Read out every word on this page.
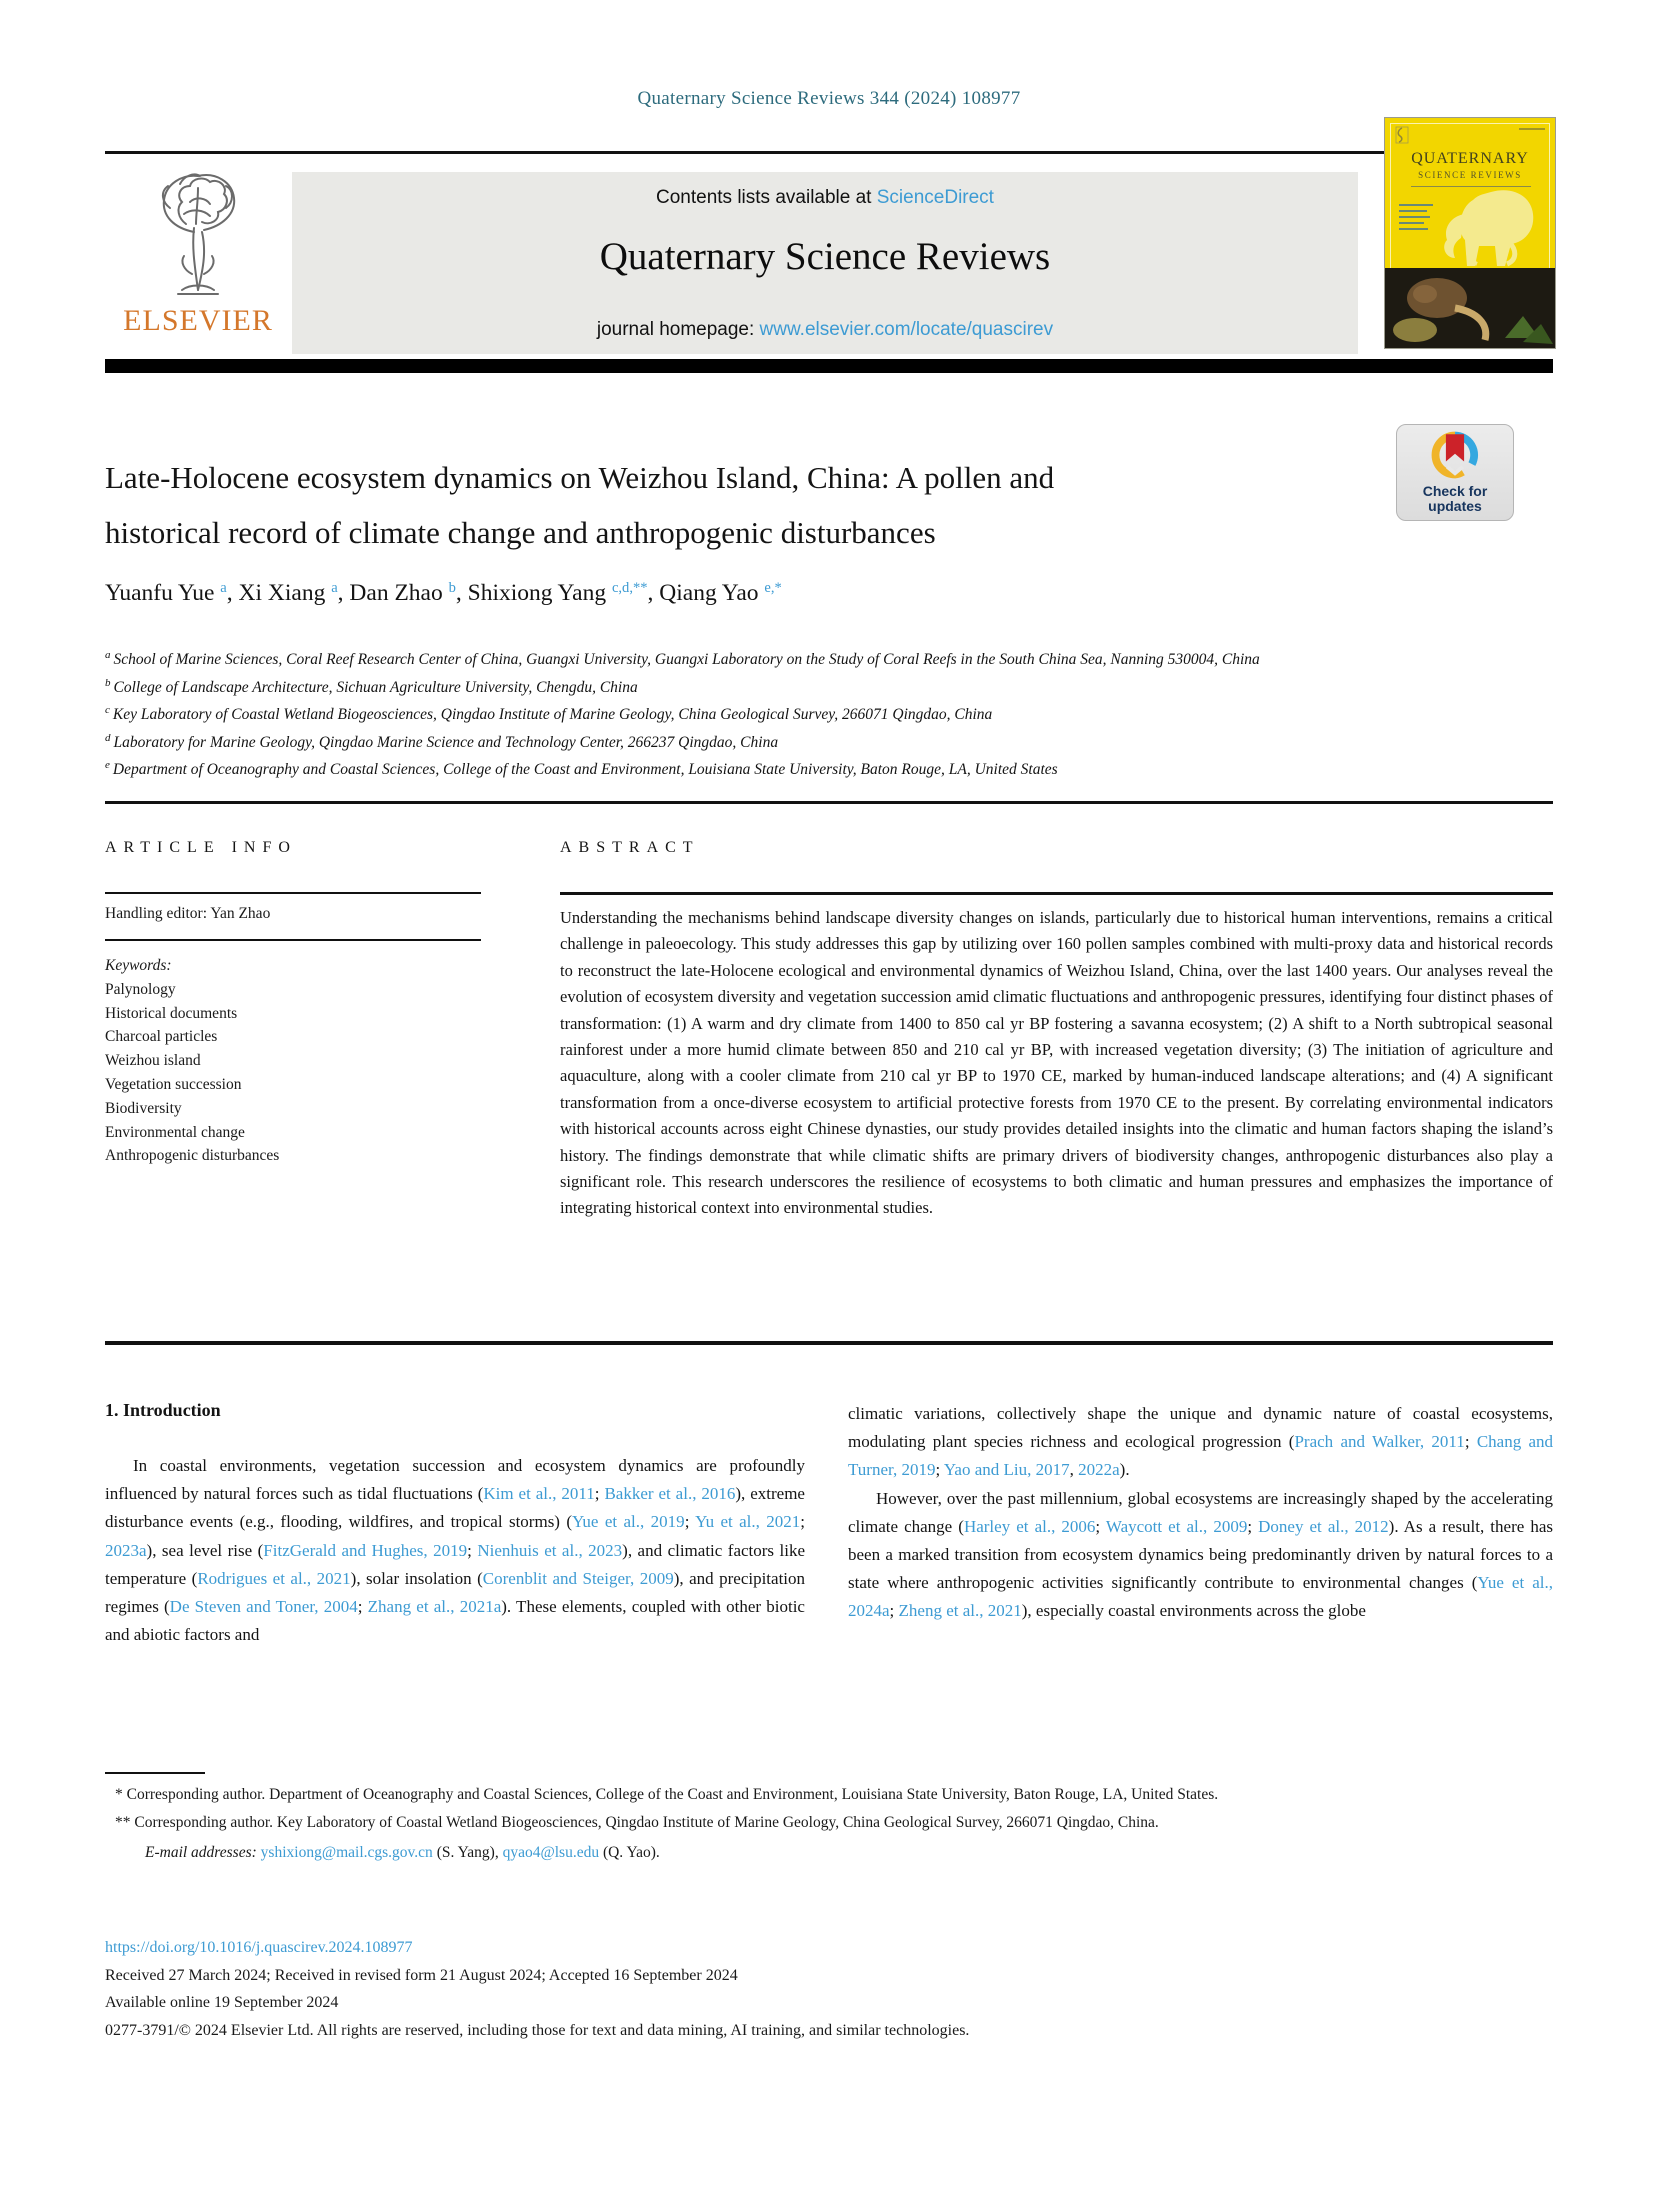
Quaternary Science Reviews 344 (2024) 108977
ELSEVIER
Contents lists available at ScienceDirect
Quaternary Science Reviews
journal homepage: www.elsevier.com/locate/quascirev
QUATERNARY
SCIENCE REVIEWS
Check for
updates
Late-Holocene ecosystem dynamics on Weizhou Island, China: A pollen and
historical record of climate change and anthropogenic disturbances
Yuanfu Yue $^a$, Xi Xiang $^a$, Dan Zhao $^b$, Shixiong Yang $^{c,d,**}$, Qiang Yao $^{e,*}$
$^a$ School of Marine Sciences, Coral Reef Research Center of China, Guangxi University, Guangxi Laboratory on the Study of Coral Reefs in the South China Sea, Nanning 530004, China
$^b$ College of Landscape Architecture, Sichuan Agriculture University, Chengdu, China
$^c$ Key Laboratory of Coastal Wetland Biogeosciences, Qingdao Institute of Marine Geology, China Geological Survey, 266071 Qingdao, China
$^d$ Laboratory for Marine Geology, Qingdao Marine Science and Technology Center, 266237 Qingdao, China
$^e$ Department of Oceanography and Coastal Sciences, College of the Coast and Environment, Louisiana State University, Baton Rouge, LA, United States
ARTICLE INFO	ABSTRACT
Handling editor: Yan Zhao
Keywords:
Palynology
Historical documents
Charcoal particles
Weizhou island
Vegetation succession
Biodiversity
Environmental change
Anthropogenic disturbances
Understanding the mechanisms behind landscape diversity changes on islands, particularly due to historical human interventions, remains a critical challenge in paleoecology. This study addresses this gap by utilizing over 160 pollen samples combined with multi-proxy data and historical records to reconstruct the late-Holocene ecological and environmental dynamics of Weizhou Island, China, over the last 1400 years. Our analyses reveal the evolution of ecosystem diversity and vegetation succession amid climatic fluctuations and anthropogenic pressures, identifying four distinct phases of transformation: (1) A warm and dry climate from 1400 to 850 cal yr BP fostering a savanna ecosystem; (2) A shift to a North subtropical seasonal rainforest under a more humid climate between 850 and 210 cal yr BP, with increased vegetation diversity; (3) The initiation of agriculture and aquaculture, along with a cooler climate from 210 cal yr BP to 1970 CE, marked by human-induced landscape alterations; and (4) A significant transformation from a once-diverse ecosystem to artificial protective forests from 1970 CE to the present. By correlating environmental indicators with historical accounts across eight Chinese dynasties, our study provides detailed insights into the climatic and human factors shaping the island’s history. The findings demonstrate that while climatic shifts are primary drivers of biodiversity changes, anthropogenic disturbances also play a significant role. This research underscores the resilience of ecosystems to both climatic and human pressures and emphasizes the importance of integrating historical context into environmental studies.
1. Introduction

In coastal environments, vegetation succession and ecosystem dynamics are profoundly influenced by natural forces such as tidal fluctuations (Kim et al., 2011; Bakker et al., 2016), extreme disturbance events (e.g., flooding, wildfires, and tropical storms) (Yue et al., 2019; Yu et al., 2021; 2023a), sea level rise (FitzGerald and Hughes, 2019; Nienhuis et al., 2023), and climatic factors like temperature (Rodrigues et al., 2021), solar insolation (Corenblit and Steiger, 2009), and precipitation regimes (De Steven and Toner, 2004; Zhang et al., 2021a). These elements, coupled with other biotic and abiotic factors and

climatic variations, collectively shape the unique and dynamic nature of coastal ecosystems, modulating plant species richness and ecological progression (Prach and Walker, 2011; Chang and Turner, 2019; Yao and Liu, 2017, 2022a).

However, over the past millennium, global ecosystems are increasingly shaped by the accelerating climate change (Harley et al., 2006; Waycott et al., 2009; Doney et al., 2012). As a result, there has been a marked transition from ecosystem dynamics being predominantly driven by natural forces to a state where anthropogenic activities significantly contribute to environmental changes (Yue et al., 2024a; Zheng et al., 2021), especially coastal environments across the globe

* Corresponding author. Department of Oceanography and Coastal Sciences, College of the Coast and Environment, Louisiana State University, Baton Rouge, LA, United States.

** Corresponding author. Key Laboratory of Coastal Wetland Biogeosciences, Qingdao Institute of Marine Geology, China Geological Survey, 266071 Qingdao, China.

E-mail addresses: yshixiong@mail.cgs.gov.cn (S. Yang), qyao4@lsu.edu (Q. Yao).

https://doi.org/10.1016/j.quascirev.2024.108977
Received 27 March 2024; Received in revised form 21 August 2024; Accepted 16 September 2024
Available online 19 September 2024
0277-3791/© 2024 Elsevier Ltd. All rights are reserved, including those for text and data mining, AI training, and similar technologies.
